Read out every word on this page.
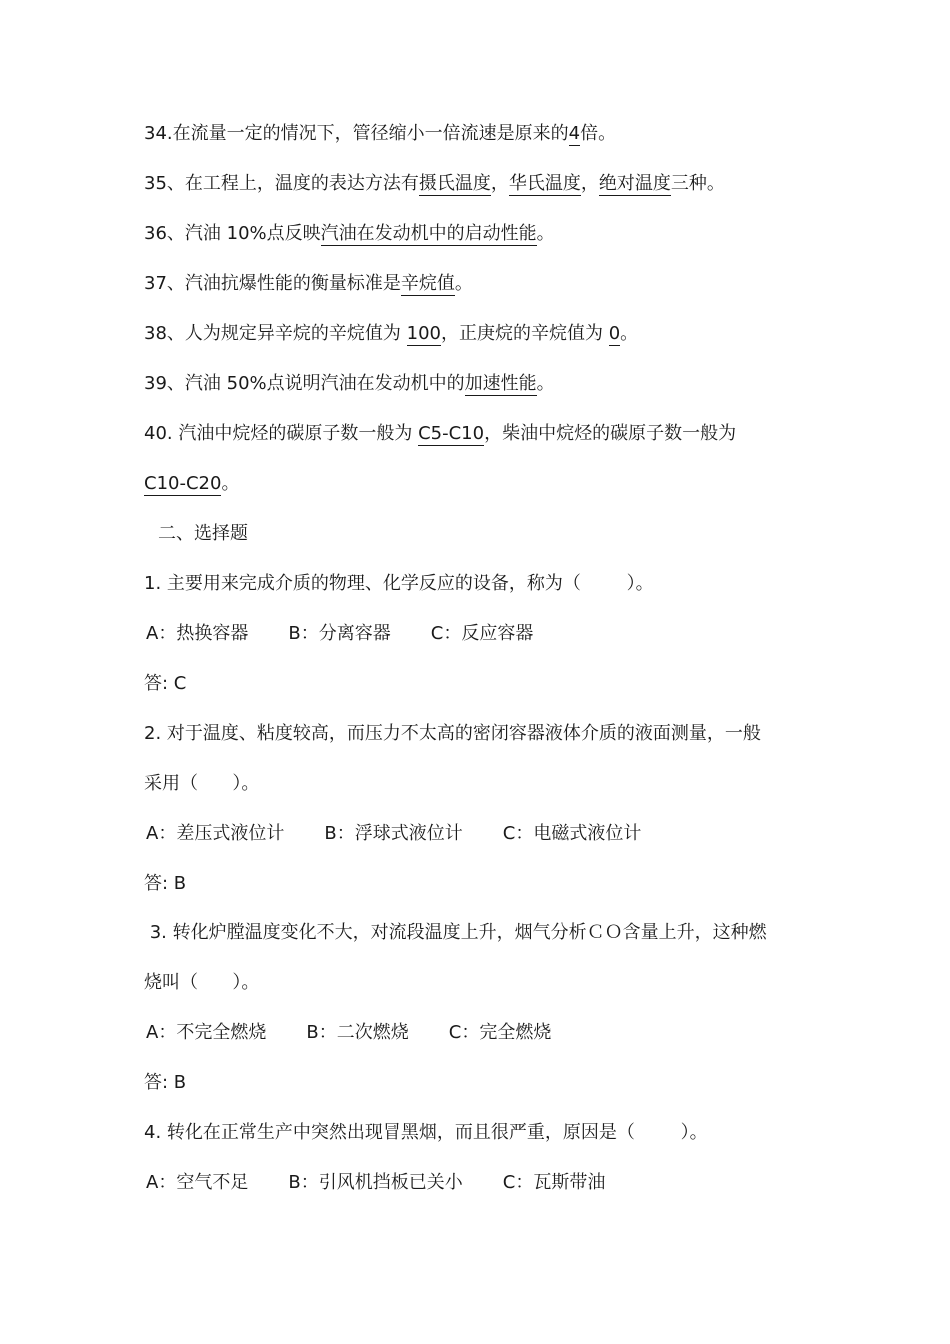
34.在流量一定的情况下，管径缩小一倍流速是原来的4倍。
35、在工程上，温度的表达方法有摄氏温度，华氏温度，绝对温度三种。
36、汽油 10%点反映汽油在发动机中的启动性能。
37、汽油抗爆性能的衡量标准是辛烷值。
38、人为规定异辛烷的辛烷值为 100，正庚烷的辛烷值为 0。
39、汽油 50%点说明汽油在发动机中的加速性能。
40. 汽油中烷烃的碳原子数一般为 C5-C10，柴油中烷烃的碳原子数一般为
C10-C20。
二、选择题
1. 主要用来完成介质的物理、化学反应的设备，称为（        ）。
A：热换容器       B：分离容器       C：反应容器
答: C
2. 对于温度、粘度较高，而压力不太高的密闭容器液体介质的液面测量，一般
采用（      ）。
A：差压式液位计       B：浮球式液位计       C：电磁式液位计
答: B
3. 转化炉膛温度变化不大，对流段温度上升，烟气分析ＣＯ含量上升，这种燃
烧叫（      ）。
A：不完全燃烧       B：二次燃烧       C：完全燃烧
答: B
4. 转化在正常生产中突然出现冒黑烟，而且很严重，原因是（        ）。
A：空气不足       B：引风机挡板已关小       C：瓦斯带油
